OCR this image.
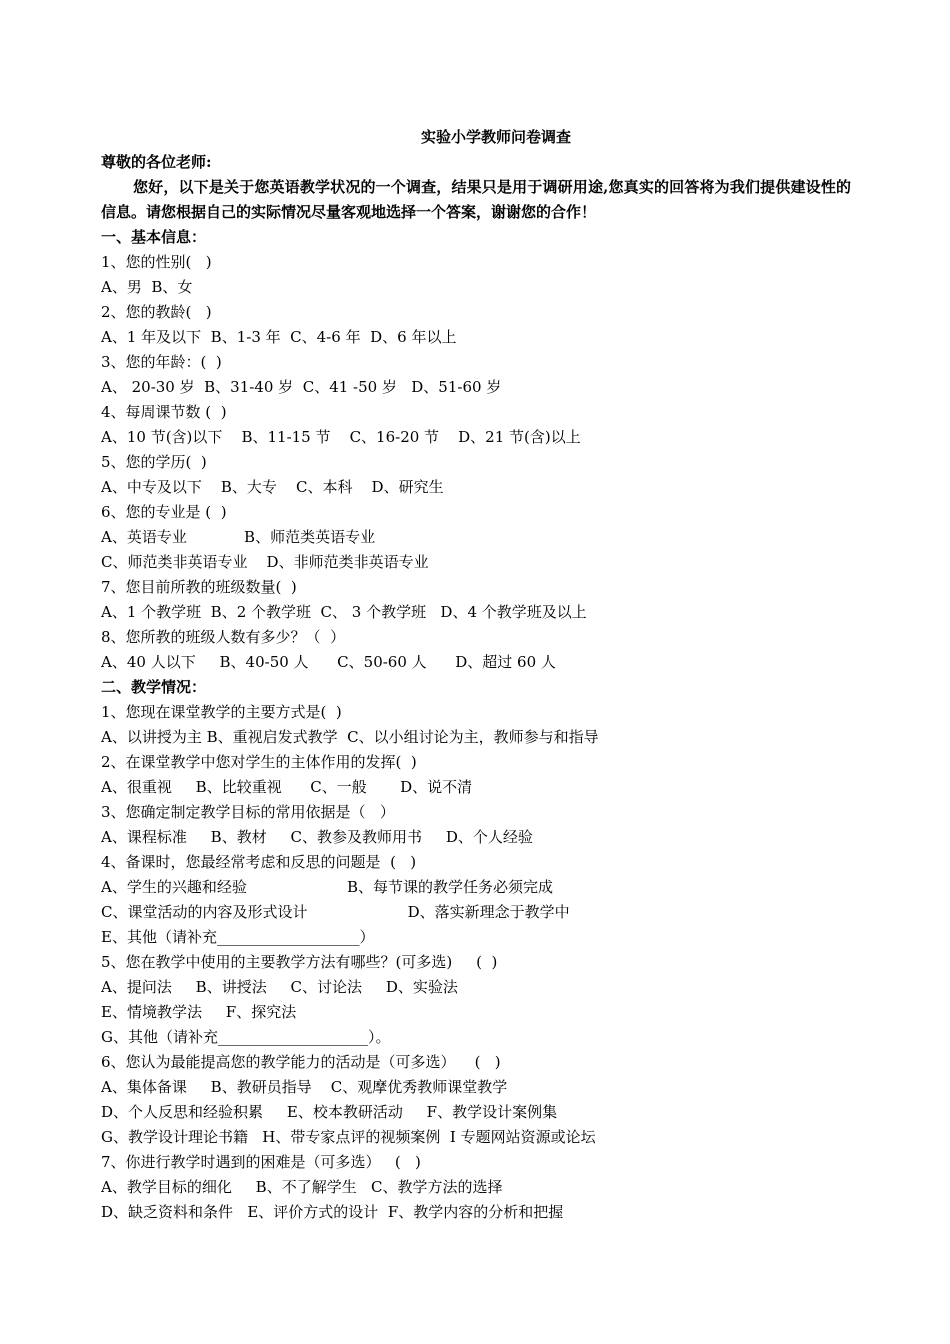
实验小学教师问卷调查
尊敬的各位老师:
您好，以下是关于您英语教学状况的一个调查，结果只是用于调研用途,您真实的回答将为我们提供建设性的信息。请您根据自己的实际情况尽量客观地选择一个答案，谢谢您的合作！
一、基本信息：
1、您的性别(   )
A、男  B、女
2、您的教龄(   )
A、1 年及以下  B、1-3 年  C、4-6 年  D、6 年以上
3、您的年龄：(  )
A、 20-30 岁  B、31-40 岁  C、41 -50 岁   D、51-60 岁
4、每周课节数 (  )
A、10 节(含)以下    B、11-15 节    C、16-20 节    D、21 节(含)以上
5、您的学历(  )
A、中专及以下    B、大专    C、本科    D、研究生
6、您的专业是 (  )
A、英语专业            B、师范类英语专业
C、师范类非英语专业    D、非师范类非英语专业
7、您目前所教的班级数量(  )
A、1 个教学班  B、2 个教学班  C、 3 个教学班   D、4 个教学班及以上
8、您所教的班级人数有多少？（  ）
A、40 人以下     B、40-50 人      C、50-60 人      D、超过 60 人
二、教学情况：
1、您现在课堂教学的主要方式是(  )
A、以讲授为主 B、重视启发式教学  C、以小组讨论为主，教师参与和指导
2、在课堂教学中您对学生的主体作用的发挥(  )
A、很重视     B、比较重视      C、一般       D、说不清
3、您确定制定教学目标的常用依据是（   ）
A、课程标准     B、教材     C、教参及教师用书     D、个人经验
4、备课时，您最经常考虑和反思的问题是  (   )
A、学生的兴趣和经验                     B、每节课的教学任务必须完成
C、课堂活动的内容及形式设计                     D、落实新理念于教学中
E、其他（请补充___________________）
5、您在教学中使用的主要教学方法有哪些？(可多选)     (  )
A、提问法     B、讲授法     C、讨论法     D、实验法
E、情境教学法     F、探究法
G、其他（请补充____________________）。
6、您认为最能提高您的教学能力的活动是（可多选）    (   )
A、集体备课     B、教研员指导    C、观摩优秀教师课堂教学
D、个人反思和经验积累     E、校本教研活动     F、教学设计案例集
G、教学设计理论书籍   H、带专家点评的视频案例  I 专题网站资源或论坛
7、你进行教学时遇到的困难是（可多选）   (   )
A、教学目标的细化     B、不了解学生   C、教学方法的选择
D、缺乏资料和条件   E、评价方式的设计  F、教学内容的分析和把握
